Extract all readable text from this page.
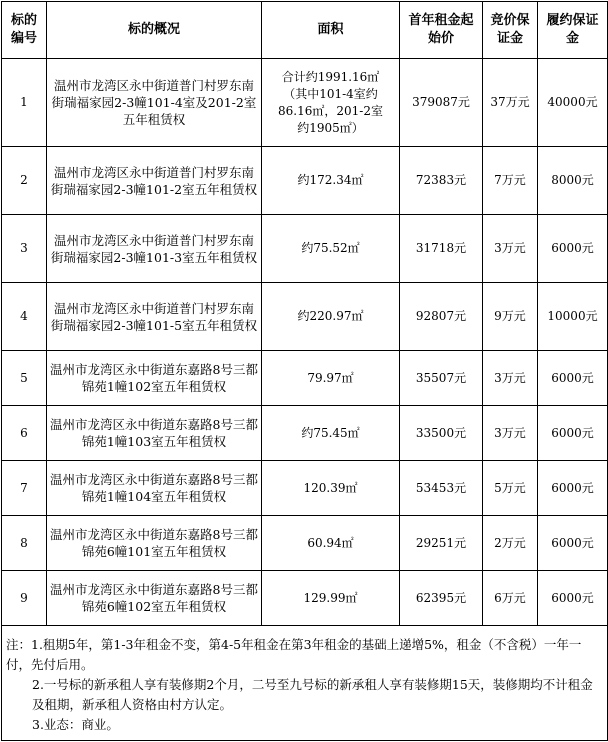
标的编号	标的概况	面积	首年租金起始价	竞价保证金	履约保证金
1	温州市龙湾区永中街道普门村罗东南街瑞福家园2-3幢101-4室及201-2室五年租赁权	合计约1991.16㎡
（其中101-4室约
86.16㎡，201-2室
约1905㎡）	379087元	37万元	40000元
2	温州市龙湾区永中街道普门村罗东南街瑞福家园2-3幢101-2室五年租赁权	约172.34㎡	72383元	7万元	8000元
3	温州市龙湾区永中街道普门村罗东南街瑞福家园2-3幢101-3室五年租赁权	约75.52㎡	31718元	3万元	6000元
4	温州市龙湾区永中街道普门村罗东南街瑞福家园2-3幢101-5室五年租赁权	约220.97㎡	92807元	9万元	10000元
5	温州市龙湾区永中街道东嘉路8号三都锦苑1幢102室五年租赁权	79.97㎡	35507元	3万元	6000元
6	温州市龙湾区永中街道东嘉路8号三都锦苑1幢103室五年租赁权	约75.45㎡	33500元	3万元	6000元
7	温州市龙湾区永中街道东嘉路8号三都锦苑1幢104室五年租赁权	120.39㎡	53453元	5万元	6000元
8	温州市龙湾区永中街道东嘉路8号三都锦苑6幢101室五年租赁权	60.94㎡	29251元	2万元	6000元
9	温州市龙湾区永中街道东嘉路8号三都锦苑6幢102室五年租赁权	129.99㎡	62395元	6万元	6000元

注：1.租期5年，第1-3年租金不变，第4-5年租金在第3年租金的基础上递增5%，租金（不含税）一年一付，先付后用。
2.一号标的新承租人享有装修期2个月，二号至九号标的新承租人享有装修期15天，装修期均不计租金及租期，新承租人资格由村方认定。
3.业态：商业。					
